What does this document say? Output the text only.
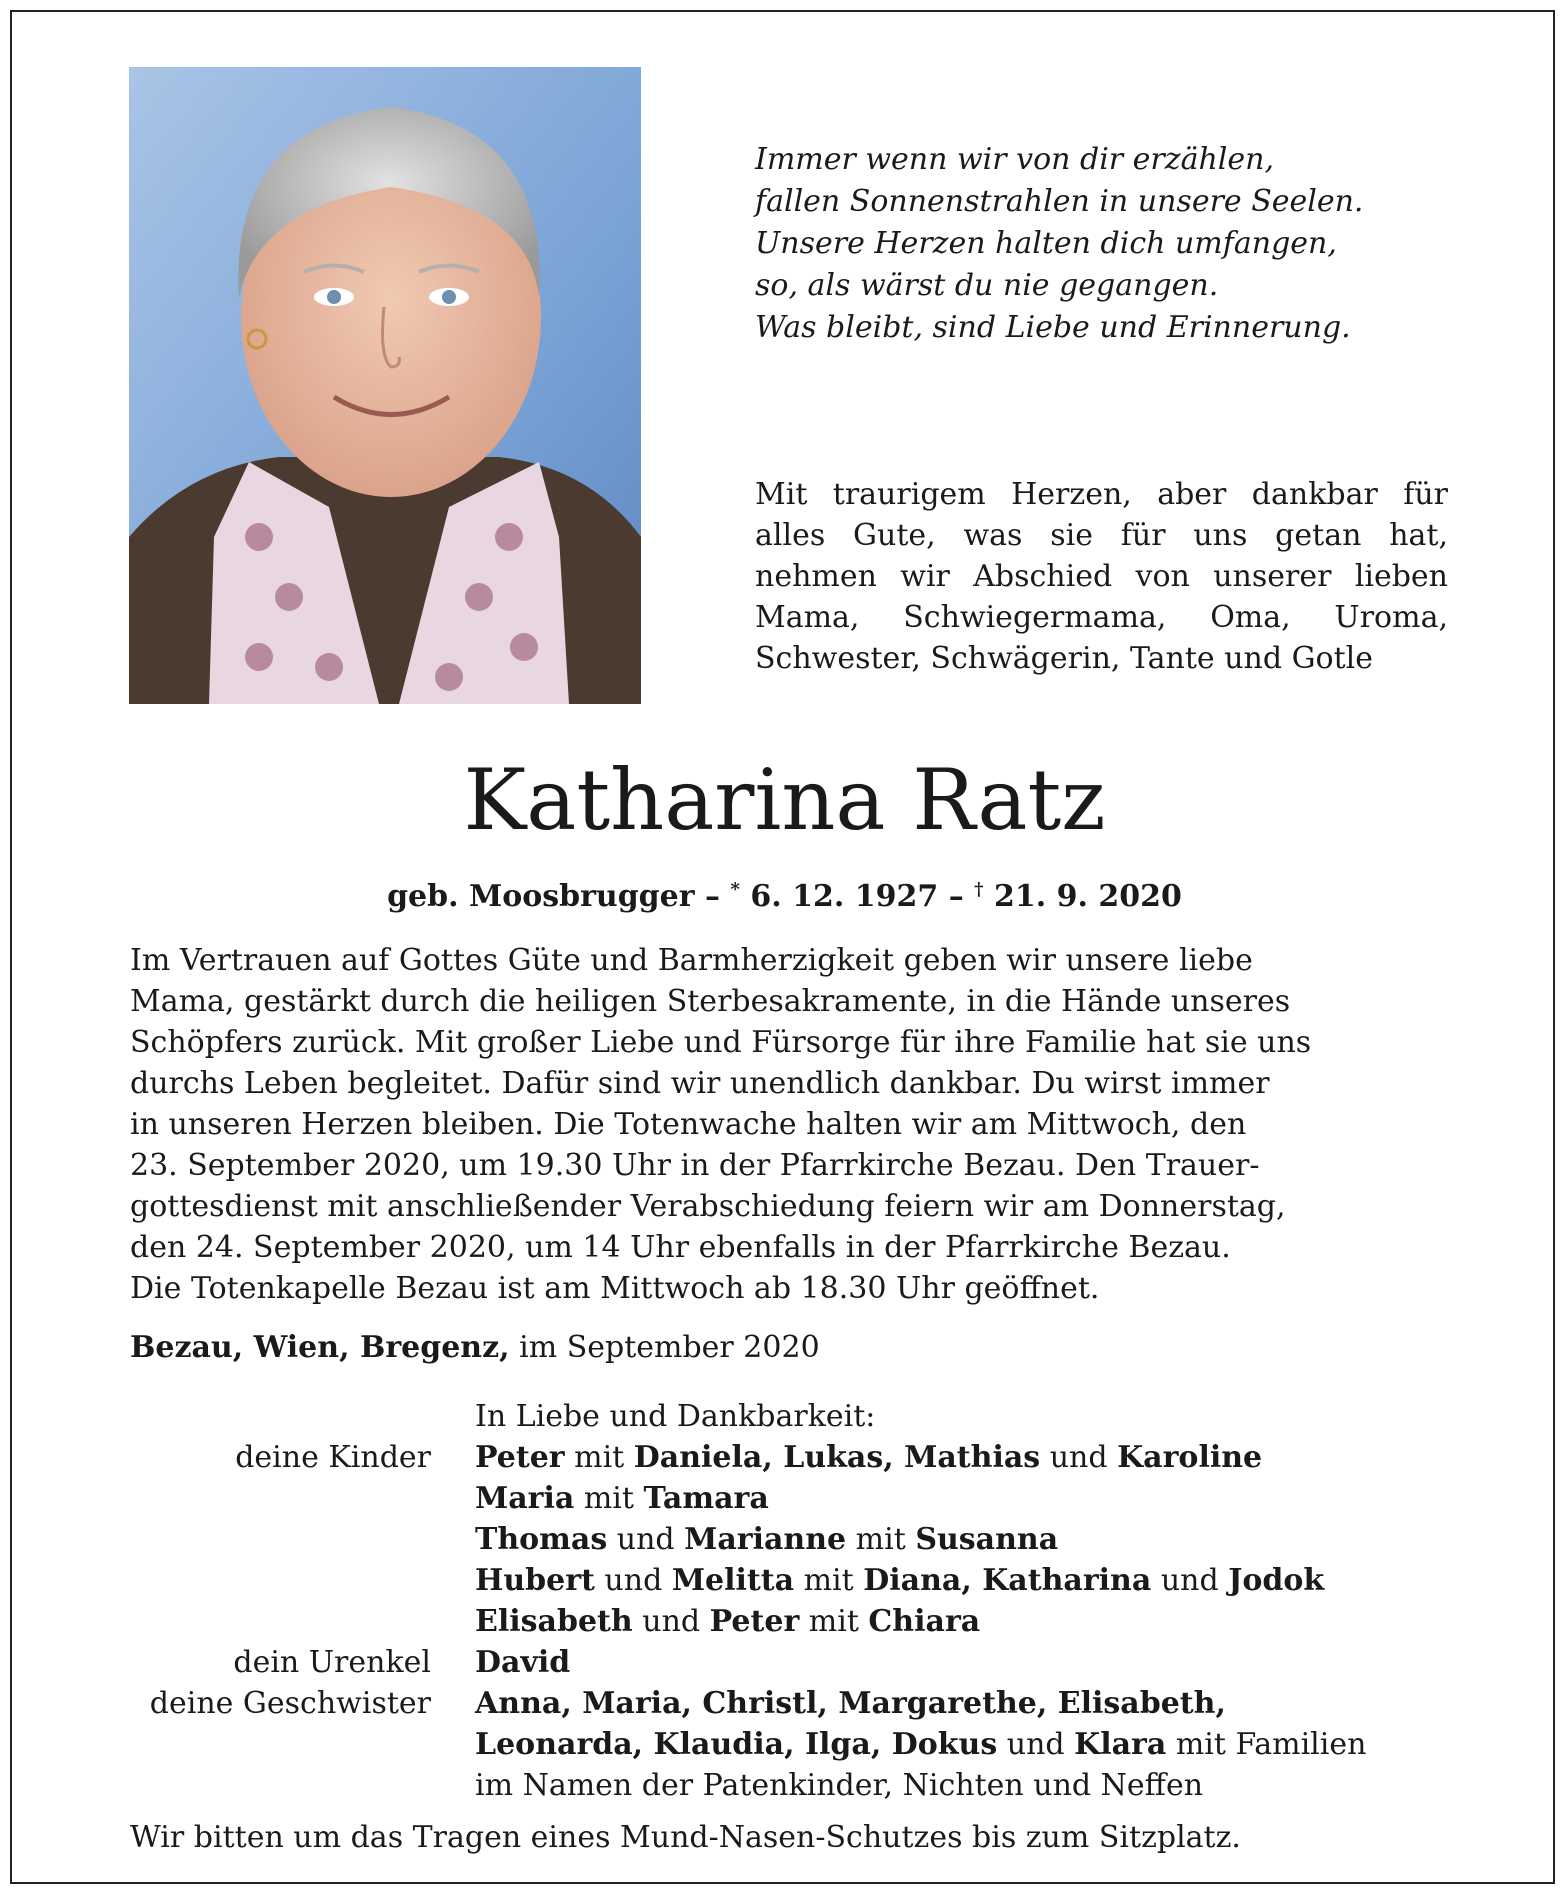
Immer wenn wir von dir erzählen,
fallen Sonnenstrahlen in unsere Seelen.
Unsere Herzen halten dich umfangen,
so, als wärst du nie gegangen.
Was bleibt, sind Liebe und Erinnerung.
Mit traurigem Herzen, aber dankbar für alles Gute, was sie für uns getan hat, nehmen wir Abschied von unserer lieben Mama, Schwiegermama, Oma, Uroma, Schwester, Schwägerin, Tante und Gotle
Katharina Ratz
geb. Moosbrugger – * 6. 12. 1927 – † 21. 9. 2020
Im Vertrauen auf Gottes Güte und Barmherzigkeit geben wir unsere liebe
Mama, gestärkt durch die heiligen Sterbesakramente, in die Hände unseres
Schöpfers zurück. Mit großer Liebe und Fürsorge für ihre Familie hat sie uns
durchs Leben begleitet. Dafür sind wir unendlich dankbar. Du wirst immer
in unseren Herzen bleiben. Die Totenwache halten wir am Mittwoch, den
23. September 2020, um 19.30 Uhr in der Pfarrkirche Bezau. Den Trauer-
gottesdienst mit anschließender Verabschiedung feiern wir am Donnerstag,
den 24. September 2020, um 14 Uhr ebenfalls in der Pfarrkirche Bezau.
Die Totenkapelle Bezau ist am Mittwoch ab 18.30 Uhr geöffnet.
Bezau, Wien, Bregenz, im September 2020
In Liebe und Dankbarkeit:
deine Kinder Peter mit Daniela, Lukas, Mathias und Karoline
Maria mit Tamara
Thomas und Marianne mit Susanna
Hubert und Melitta mit Diana, Katharina und Jodok
Elisabeth und Peter mit Chiara
dein Urenkel David
deine Geschwister Anna, Maria, Christl, Margarethe, Elisabeth,
Leonarda, Klaudia, Ilga, Dokus und Klara mit Familien
im Namen der Patenkinder, Nichten und Neffen
Wir bitten um das Tragen eines Mund-Nasen-Schutzes bis zum Sitzplatz.
